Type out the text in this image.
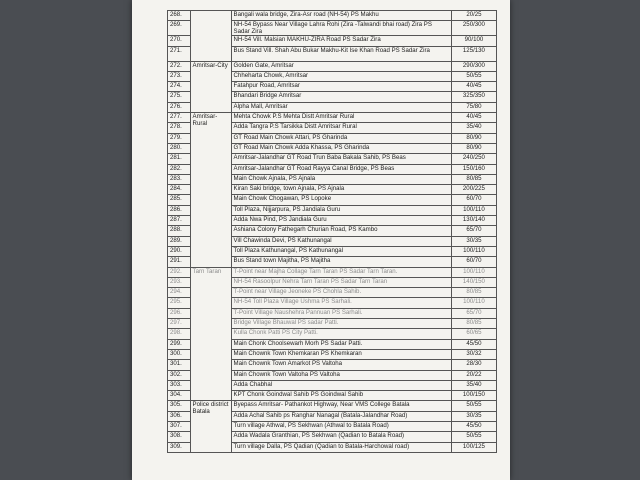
268.		Bangali wala bridge, Zira-Asr road (NH-54) PS Makhu	20/25
269.		NH-54 Bypass Near Village Lahra Rohi (Zira -Talwandi bhai road) Zira PS Sadar Zira	250/300
270.		NH-54 Vill. Malsian MAKHU-ZIRA Road PS Sadar Zira	90/100
271.		Bus Stand Vill. Shah Abu Bukar Makhu-Kit Ise Khan Road PS Sadar Zira	125/130
272.	Amritsar-City	Golden Gate, Amritsar	290/300
273.		Chheharta Chowk, Amritsar	50/55
274.		Fatahpur Road, Amritsar	40/45
275.		Bhandari Bridge Amritsar	325/350
276.		Alpha Mall, Amritsar	75/80
277.	Amritsar-Rural	Mehta Chowk P.S Mehta Distt Amritsar Rural	40/45
278.		Adda Tangra P.S Tarsikka Distt Amritsar Rural	35/40
279.		GT Road Main Chowk Attari, PS Gharinda	80/90
280.		GT Road Main Chowk Adda Khassa, PS Gharinda	80/90
281.		Amritsar-Jalandhar GT Road Trun Baba Bakala Sahib, PS Beas	240/250
282.		Amritsar-Jalandhar GT Road Rayya Canal Bridge, PS Beas	150/160
283.		Main Chowk Ajnala, PS Ajnala	80/85
284.		Kiran Saki bridge, town Ajnala, PS Ajnala	200/225
285.		Main Chowk Chogawan, PS Lopoke	60/70
286.		Toll Plaza, Nijjarpura, PS Jandiala Guru	100/110
287.		Adda Nwa Pind, PS Jandiala Guru	130/140
288.		Ashiana Colony Fathegarh Churian Road, PS Kambo	65/70
289.		Vill Chawinda Devi, PS Kathunangal	30/35
290.		Toll Plaza Kathunangal, PS Kathunangal	100/110
291.		Bus Stand town Majitha, PS Majitha	60/70
292.	Tarn Taran	T-Point near Majha Collage Tarn Taran PS Sadar Tarn Taran.	100/110
293.		NH-54 Rasoolpur Nehra Tarn Taran PS Sadar Tarn Taran	140/150
294.		T-Point near Village Jeoneke PS Chohla Sahib.	80/85
295.		NH-54 Toll Plaza Village Ushma PS Sarhali.	100/110
296.		T-Point Village Naushehra Pannuan PS Sarhali.	65/70
297.		Bridge Village Bhauwal PS sadar Patti.	80/85
298.		Kulla Chonk Patti PS City Patti.	60/65
299.		Main Chonk Choolsewarh Morh PS Sadar Patti.	45/50
300.		Main Chownk Town Khemkaran PS Khemkaran	30/32
301.		Main Chownk Town Amarkot PS Valtoha	28/30
302.		Main Chownk Town Valtoha PS Valtoha	20/22
303.		Adda Chabhal	35/40
304.		KPT Chonk Goindwal Sahib PS Goindwal Sahib	100/150
305.	Police district Batala	Byepass Amritsar- Pathankot Highway, Near VMS College Batala	50/55
306.		Adda Achal Sahib ps Ranghar Nanagal (Batala-Jalandhar Road)	30/35
307.		Turn village Athwal, PS Sekhwan (Athwal to Batala Road)	45/50
308.		Adda Wadala Granthian, PS Sekhwan (Qadian to Batala Road)	50/55
309.		Turn village Dalla, PS Qadian (Qadian to Batala-Harchowal road)	100/125
